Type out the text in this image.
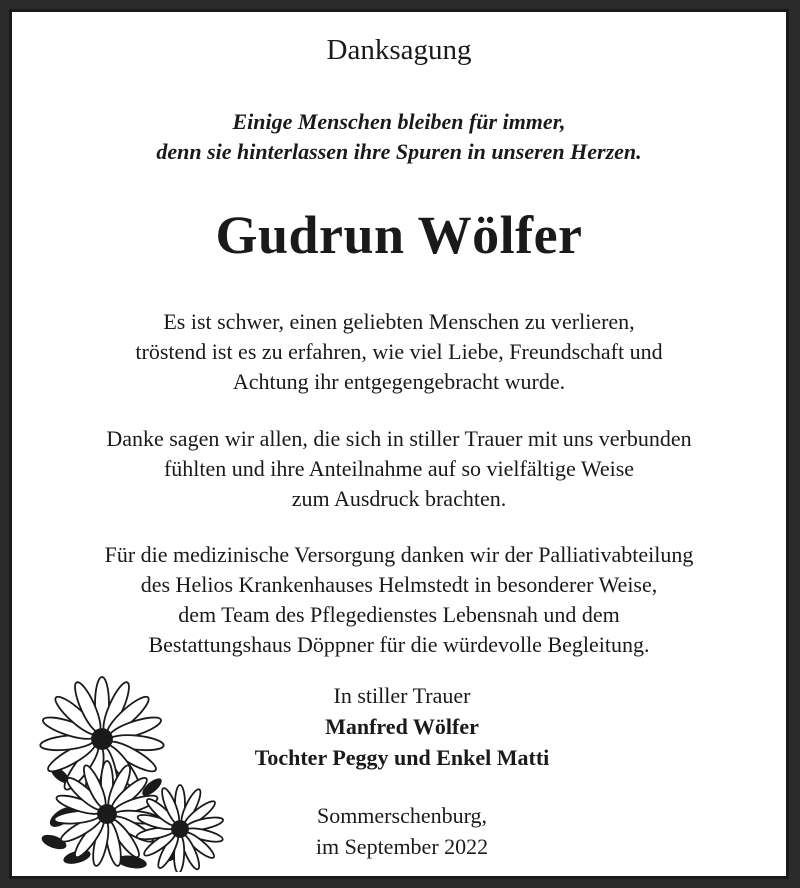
Danksagung
Einige Menschen bleiben für immer,
denn sie hinterlassen ihre Spuren in unseren Herzen.
Gudrun Wölfer
Es ist schwer, einen geliebten Menschen zu verlieren,
tröstend ist es zu erfahren, wie viel Liebe, Freundschaft und
Achtung ihr entgegengebracht wurde.
Danke sagen wir allen, die sich in stiller Trauer mit uns verbunden
fühlten und ihre Anteilnahme auf so vielfältige Weise
zum Ausdruck brachten.
Für die medizinische Versorgung danken wir der Palliativabteilung
des Helios Krankenhauses Helmstedt in besonderer Weise,
dem Team des Pflegedienstes Lebensnah und dem
Bestattungshaus Döppner für die würdevolle Begleitung.
In stiller Trauer
Manfred Wölfer
Tochter Peggy und Enkel Matti
Sommerschenburg,
im September 2022
